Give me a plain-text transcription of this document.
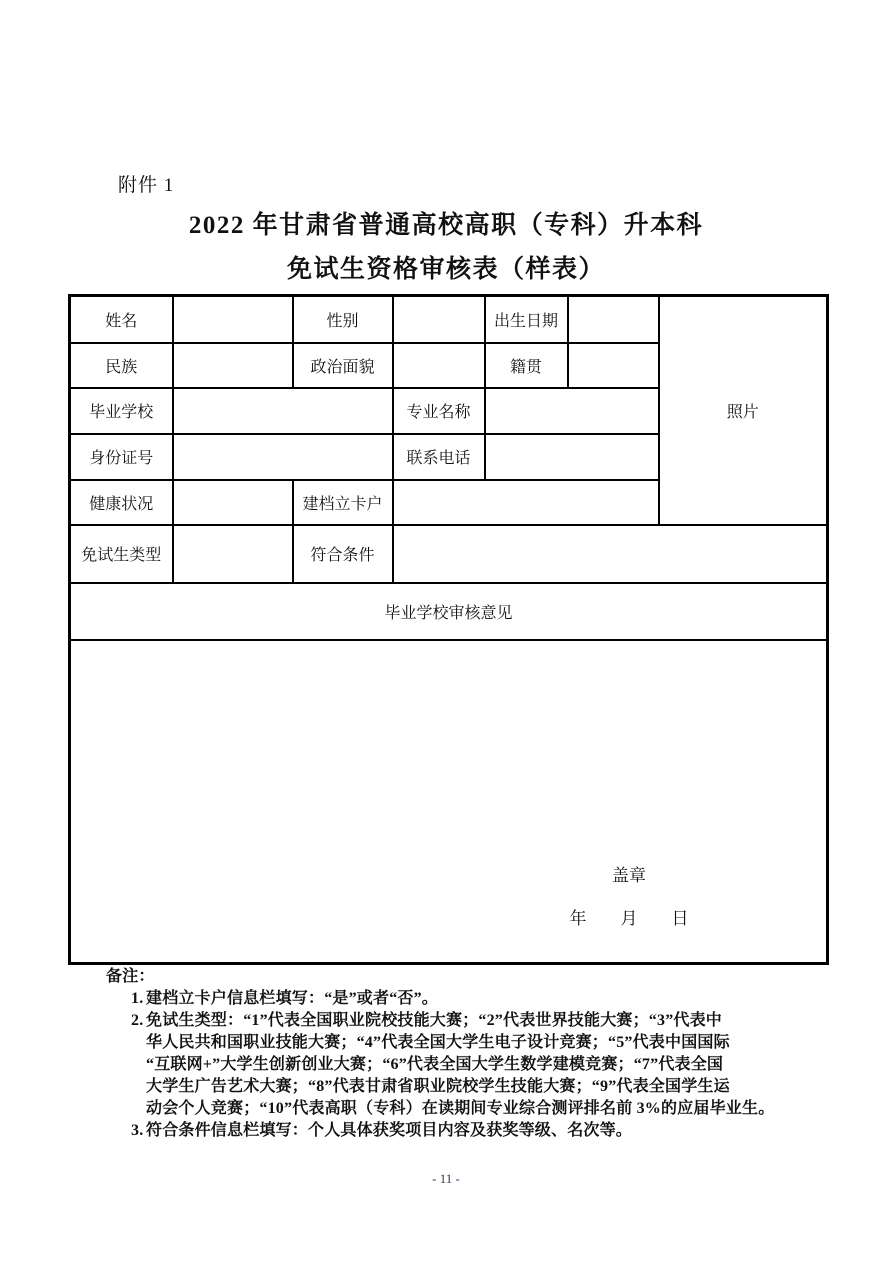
附件 1
2022 年甘肃省普通高校高职（专科）升本科
免试生资格审核表（样表）
姓名		性别		出生日期		照片
民族		政治面貌		籍贯		
毕业学校			专业名称			
身份证号			联系电话			
健康状况		建档立卡户				
免试生类型		符合条件				
毕业学校审核意见						

盖章
年　　月　　日						
备注：
1. 建档立卡户信息栏填写：“是”或者“否”。
2. 免试生类型：“1”代表全国职业院校技能大赛；“2”代表世界技能大赛；“3”代表中
华人民共和国职业技能大赛；“4”代表全国大学生电子设计竞赛；“5”代表中国国际
“互联网+”大学生创新创业大赛；“6”代表全国大学生数学建模竞赛；“7”代表全国
大学生广告艺术大赛；“8”代表甘肃省职业院校学生技能大赛；“9”代表全国学生运
动会个人竞赛；“10”代表高职（专科）在读期间专业综合测评排名前 3%的应届毕业生。
3. 符合条件信息栏填写：个人具体获奖项目内容及获奖等级、名次等。
- 11 -
